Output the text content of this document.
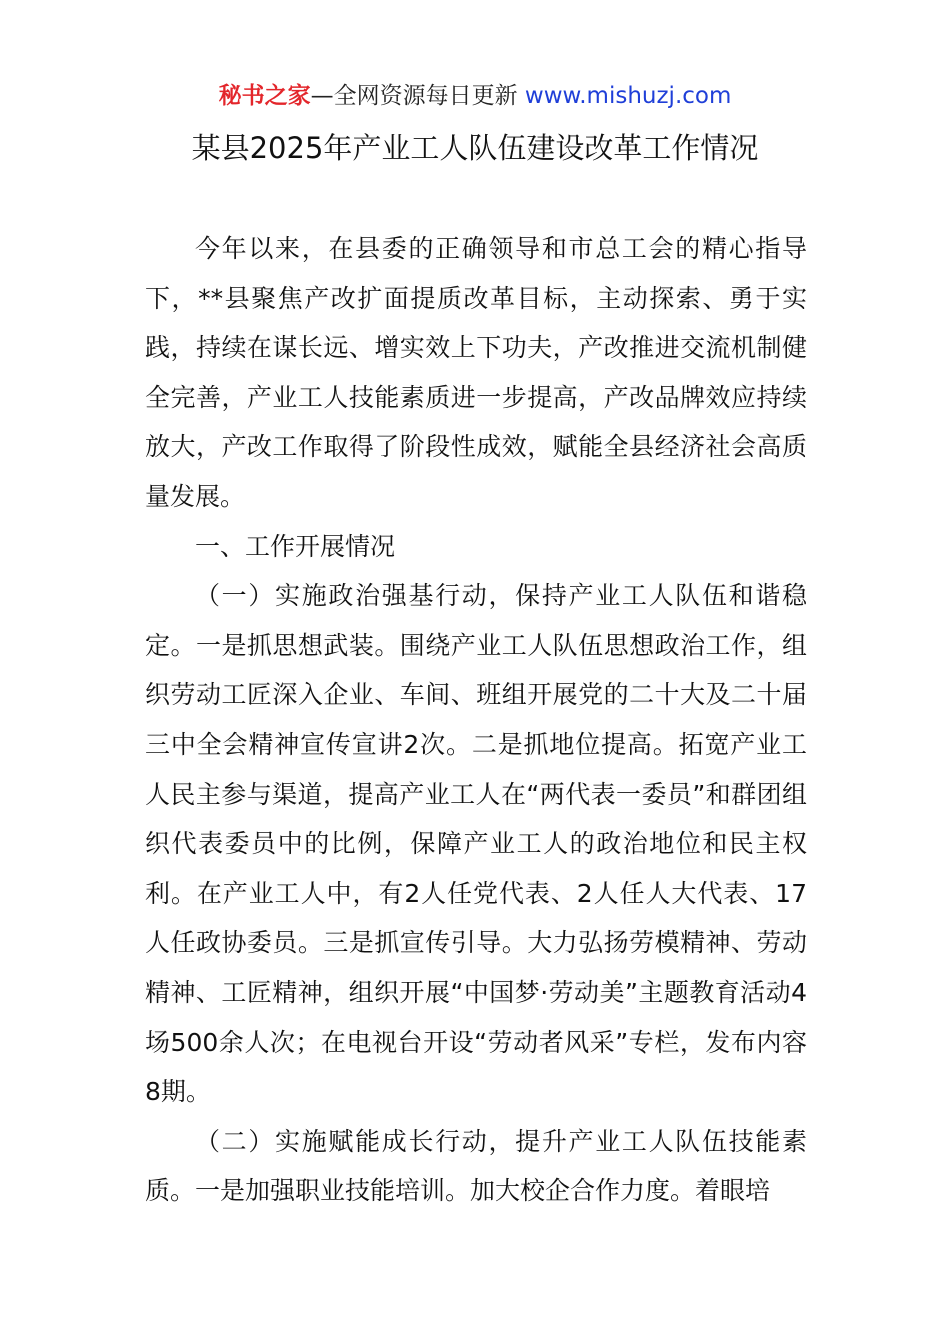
秘书之家—全网资源每日更新 www.mishuzj.com
某县2025年产业工人队伍建设改革工作情况

今年以来，在县委的正确领导和市总工会的精心指导下，**县聚焦产改扩面提质改革目标，主动探索、勇于实践，持续在谋长远、增实效上下功夫，产改推进交流机制健全完善，产业工人技能素质进一步提高，产改品牌效应持续放大，产改工作取得了阶段性成效，赋能全县经济社会高质量发展。

一、工作开展情况

（一）实施政治强基行动，保持产业工人队伍和谐稳定。一是抓思想武装。围绕产业工人队伍思想政治工作，组织劳动工匠深入企业、车间、班组开展党的二十大及二十届三中全会精神宣传宣讲2次。二是抓地位提高。拓宽产业工人民主参与渠道，提高产业工人在“两代表一委员”和群团组织代表委员中的比例，保障产业工人的政治地位和民主权利。在产业工人中，有2人任党代表、2人任人大代表、17人任政协委员。三是抓宣传引导。大力弘扬劳模精神、劳动精神、工匠精神，组织开展“中国梦·劳动美”主题教育活动4场500余人次；在电视台开设“劳动者风采”专栏，发布内容8期。

（二）实施赋能成长行动，提升产业工人队伍技能素质。一是加强职业技能培训。加大校企合作力度。着眼培
